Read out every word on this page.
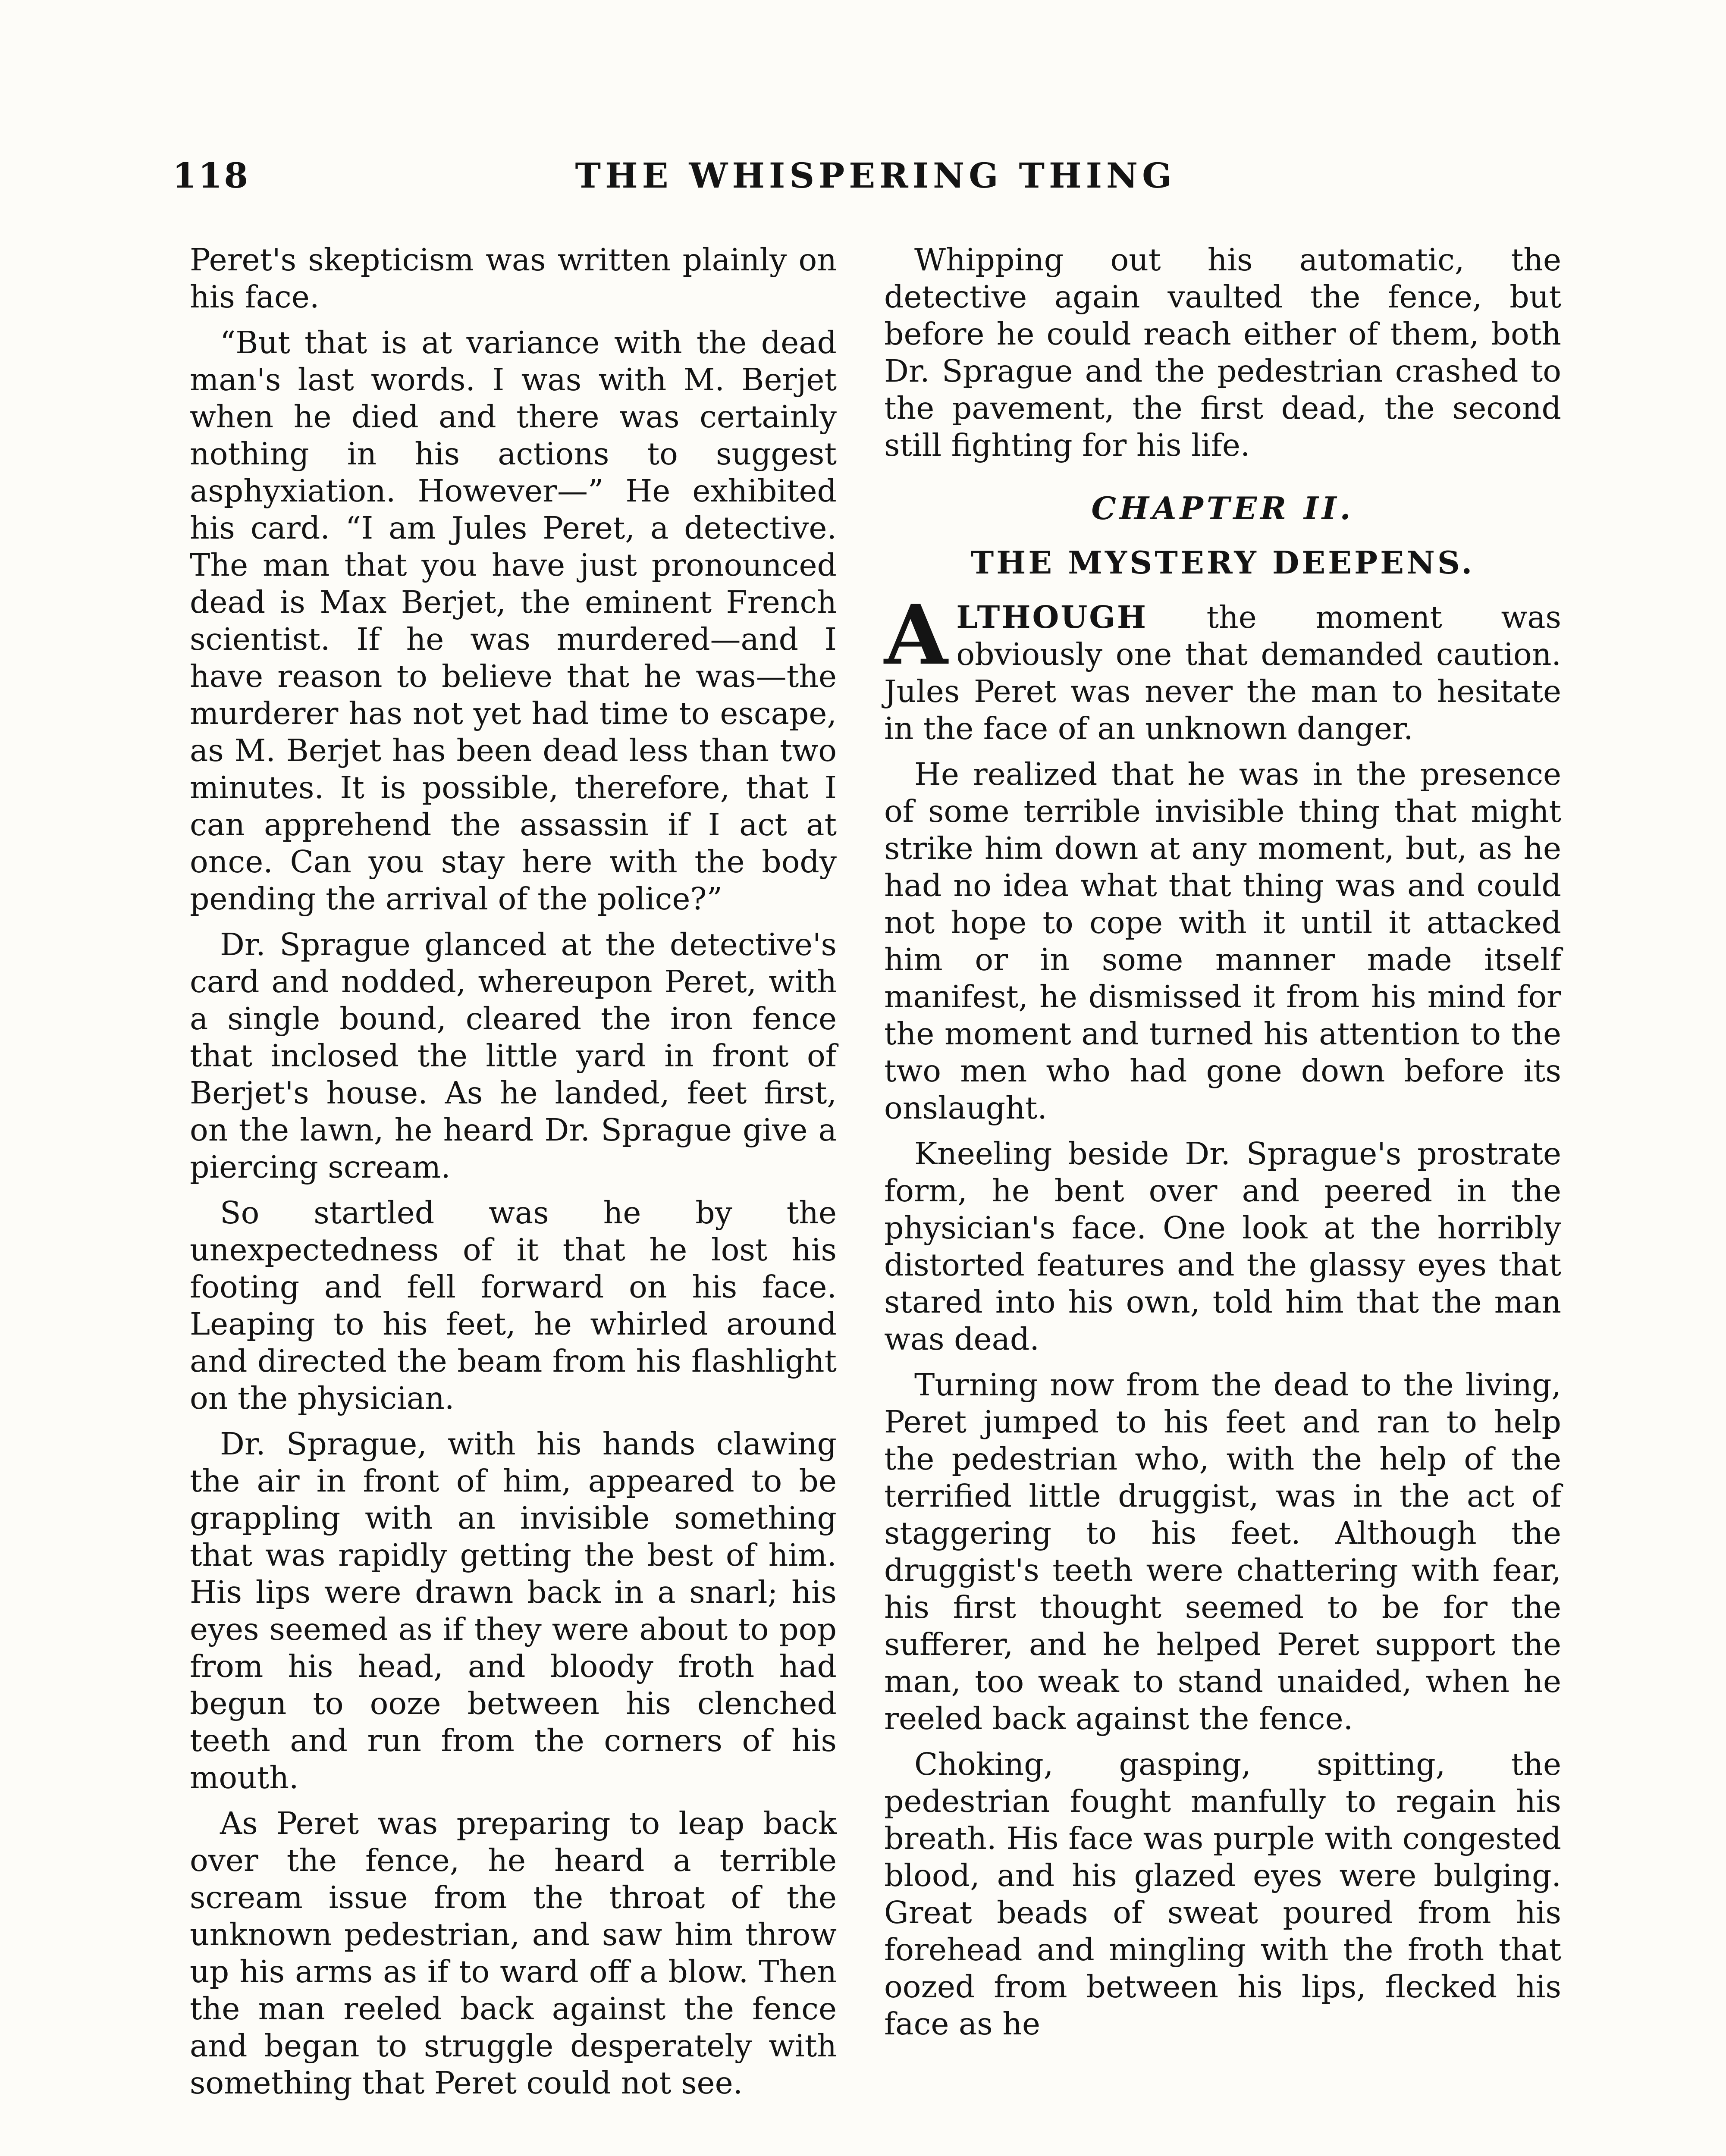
118	THE WHISPERING THING

Peret's skepticism was written plainly on his face.

“But that is at variance with the dead man's last words. I was with M. Berjet when he died and there was certainly nothing in his actions to suggest asphyxiation. However—” He exhibited his card. “I am Jules Peret, a detective. The man that you have just pronounced dead is Max Berjet, the eminent French scientist. If he was murdered—and I have reason to believe that he was—the murderer has not yet had time to escape, as M. Berjet has been dead less than two minutes. It is possible, therefore, that I can apprehend the assassin if I act at once. Can you stay here with the body pending the arrival of the police?”

Dr. Sprague glanced at the detective's card and nodded, whereupon Peret, with a single bound, cleared the iron fence that inclosed the little yard in front of Berjet's house. As he landed, feet first, on the lawn, he heard Dr. Sprague give a piercing scream.

So startled was he by the unexpectedness of it that he lost his footing and fell forward on his face. Leaping to his feet, he whirled around and directed the beam from his flashlight on the physician.

Dr. Sprague, with his hands clawing the air in front of him, appeared to be grappling with an invisible something that was rapidly getting the best of him. His lips were drawn back in a snarl; his eyes seemed as if they were about to pop from his head, and bloody froth had begun to ooze between his clenched teeth and run from the corners of his mouth.

As Peret was preparing to leap back over the fence, he heard a terrible scream issue from the throat of the unknown pedestrian, and saw him throw up his arms as if to ward off a blow. Then the man reeled back against the fence and began to struggle desperately with something that Peret could not see.

Whipping out his automatic, the detective again vaulted the fence, but before he could reach either of them, both Dr. Sprague and the pedestrian crashed to the pavement, the first dead, the second still fighting for his life.

CHAPTER II.
THE MYSTERY DEEPENS.

ALTHOUGH the moment was obviously one that demanded caution. Jules Peret was never the man to hesitate in the face of an unknown danger.

He realized that he was in the presence of some terrible invisible thing that might strike him down at any moment, but, as he had no idea what that thing was and could not hope to cope with it until it attacked him or in some manner made itself manifest, he dismissed it from his mind for the moment and turned his attention to the two men who had gone down before its onslaught.

Kneeling beside Dr. Sprague's prostrate form, he bent over and peered in the physician's face. One look at the horribly distorted features and the glassy eyes that stared into his own, told him that the man was dead.

Turning now from the dead to the living, Peret jumped to his feet and ran to help the pedestrian who, with the help of the terrified little druggist, was in the act of staggering to his feet. Although the druggist's teeth were chattering with fear, his first thought seemed to be for the sufferer, and he helped Peret support the man, too weak to stand unaided, when he reeled back against the fence.

Choking, gasping, spitting, the pedestrian fought manfully to regain his breath. His face was purple with congested blood, and his glazed eyes were bulging. Great beads of sweat poured from his forehead and mingling with the froth that oozed from between his lips, flecked his face as he
